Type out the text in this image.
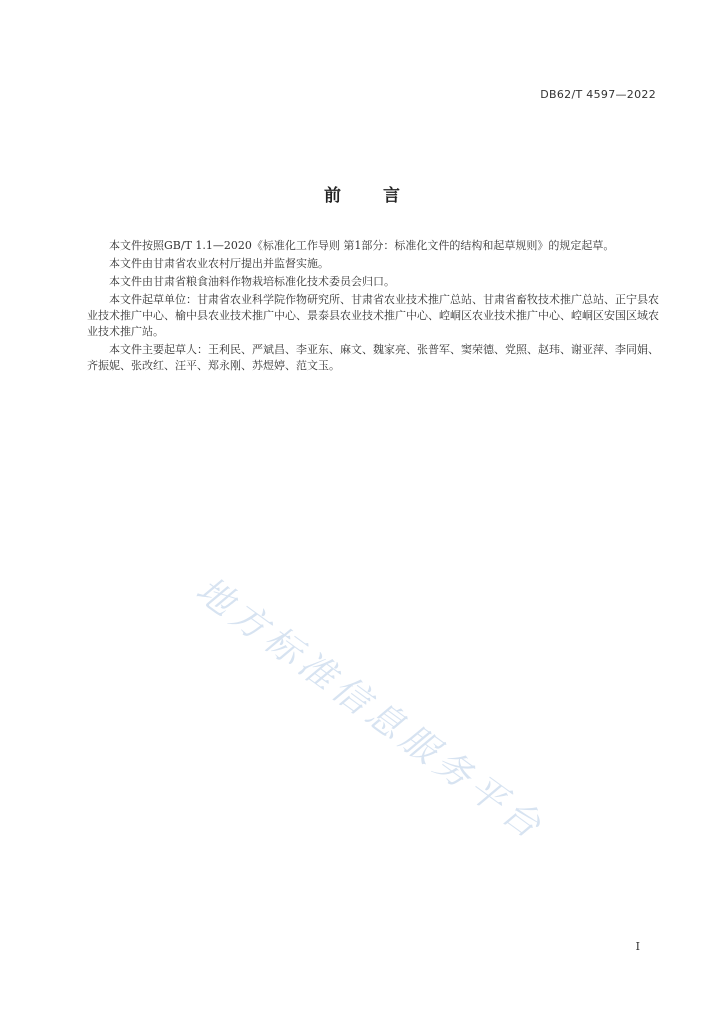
DB62/T 4597—2022
前 言

本文件按照GB/T 1.1—2020《标准化工作导则 第1部分：标准化文件的结构和起草规则》的规定起草。

本文件由甘肃省农业农村厅提出并监督实施。

本文件由甘肃省粮食油料作物栽培标准化技术委员会归口。

本文件起草单位：甘肃省农业科学院作物研究所、甘肃省农业技术推广总站、甘肃省畜牧技术推广总站、正宁县农业技术推广中心、榆中县农业技术推广中心、景泰县农业技术推广中心、崆峒区农业技术推广中心、崆峒区安国区域农业技术推广站。

本文件主要起草人：王利民、严斌昌、李亚东、麻文、魏家亮、张普军、窦荣德、党照、赵玮、谢亚萍、李同娟、齐振妮、张改红、汪平、郑永刚、苏煜婷、范文玉。

地方标准信息服务平台
I
